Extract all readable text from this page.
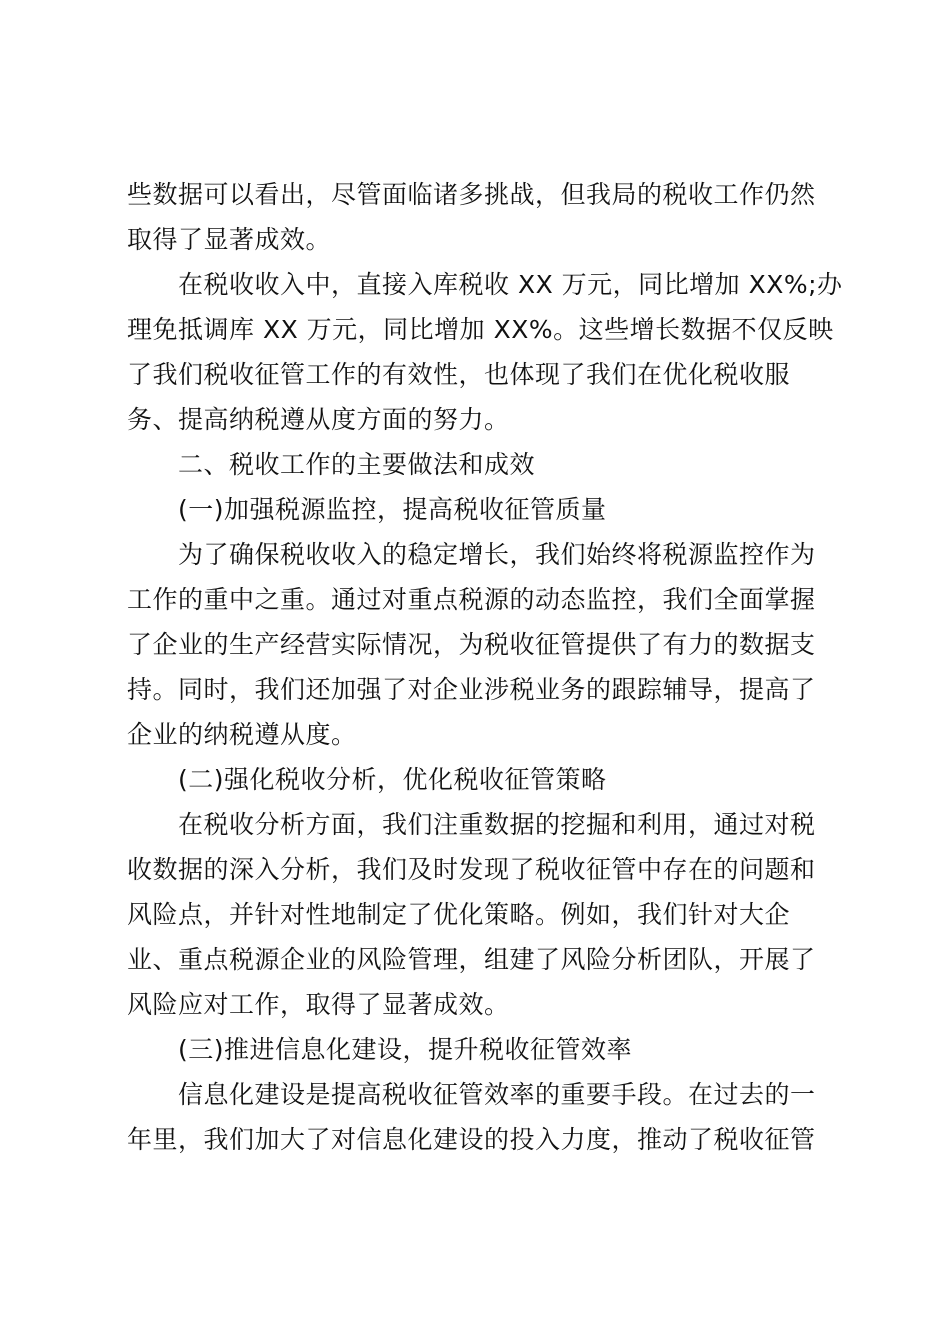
些数据可以看出，尽管面临诸多挑战，但我局的税收工作仍然
取得了显著成效。
在税收收入中，直接入库税收 XX 万元，同比增加 XX%;办
理免抵调库 XX 万元，同比增加 XX%。这些增长数据不仅反映
了我们税收征管工作的有效性，也体现了我们在优化税收服
务、提高纳税遵从度方面的努力。
二、税收工作的主要做法和成效
(一)加强税源监控，提高税收征管质量
为了确保税收收入的稳定增长，我们始终将税源监控作为
工作的重中之重。通过对重点税源的动态监控，我们全面掌握
了企业的生产经营实际情况，为税收征管提供了有力的数据支
持。同时，我们还加强了对企业涉税业务的跟踪辅导，提高了
企业的纳税遵从度。
(二)强化税收分析，优化税收征管策略
在税收分析方面，我们注重数据的挖掘和利用，通过对税
收数据的深入分析，我们及时发现了税收征管中存在的问题和
风险点，并针对性地制定了优化策略。例如，我们针对大企
业、重点税源企业的风险管理，组建了风险分析团队，开展了
风险应对工作，取得了显著成效。
(三)推进信息化建设，提升税收征管效率
信息化建设是提高税收征管效率的重要手段。在过去的一
年里，我们加大了对信息化建设的投入力度，推动了税收征管
